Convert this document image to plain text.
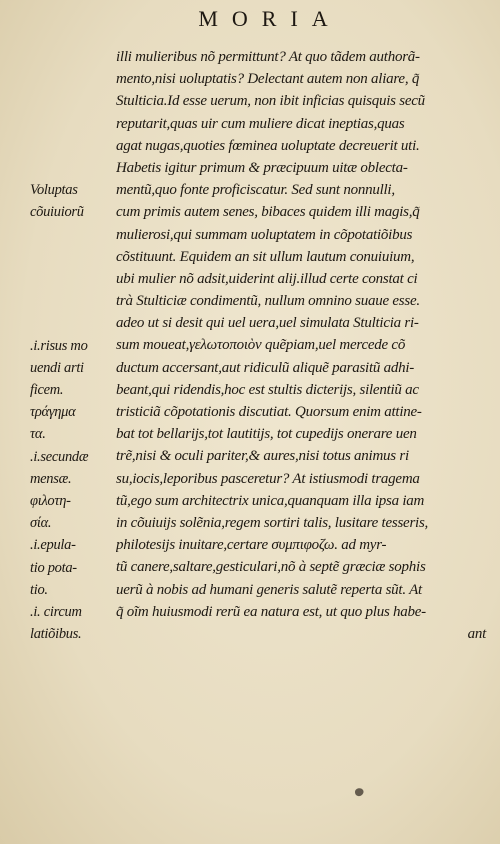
MORIA
illi mulieribus nõ permittunt? At quo tãdem authorã-
mento,nisi uoluptatis? Delectant autem non aliare, q̃
Stulticia.Id esse uerum, non ibit inficias quisquis secũ
reputarit,quas uir cum muliere dicat ineptias,quas
agat nugas,quoties fœminea uoluptate decreuerit uti.
Habetis igitur primum & præcipuum uitæ oblecta-
mentũ,quo fonte proficiscatur. Sed sunt nonnulli,
cum primis autem senes, bibaces quidem illi magis,q̃
mulierosi,qui summam uoluptatem in cõpotatiõibus
cõstituunt. Equidem an sit ullum lautum conuiuium,
ubi mulier nõ adsit,uiderint alij.illud certe constat ci
trà Stulticiæ condimentũ, nullum omnino suaue esse.
adeo ut si desit qui uel uera,uel simulata Stulticia ri-
sum moueat,γελωτοποιὸν quẽpiam,uel mercede cõ
ductum accersant,aut ridiculũ aliquẽ parasitũ adhi-
beant,qui ridendis,hoc est stultis dicterijs, silentiũ ac
tristiciã cõpotationis discutiat. Quorsum enim attine-
bat tot bellarijs,tot lautitijs, tot cupedijs onerare uen
trẽ,nisi & oculi pariter,& aures,nisi totus animus ri
su,iocis,leporibus pasceretur? At istiusmodi tragema
tũ,ego sum architectrix unica,quanquam illa ipsa iam
in cõuiuijs solẽnia,regem sortiri talis, lusitare tesseris,
philotesijs inuitare,certare συμπιφοζω. ad myr-
tũ canere,saltare,gesticulari,nõ à septẽ græciæ sophis
uerũ à nobis ad humani generis salutẽ reperta sũt. At
q̃ oĩm huiusmodi rerũ ea natura est, ut quo plus habe-
ant
Voluptas
cõuiuiorũ
.i.risus mo
uendi arti
ficem.
τράγημα
τα.
.i.secundæ
mensæ.
φιλοτη-
σία.
.i.epula-
tio pota-
tio.
.i. circum
latiõibus.
